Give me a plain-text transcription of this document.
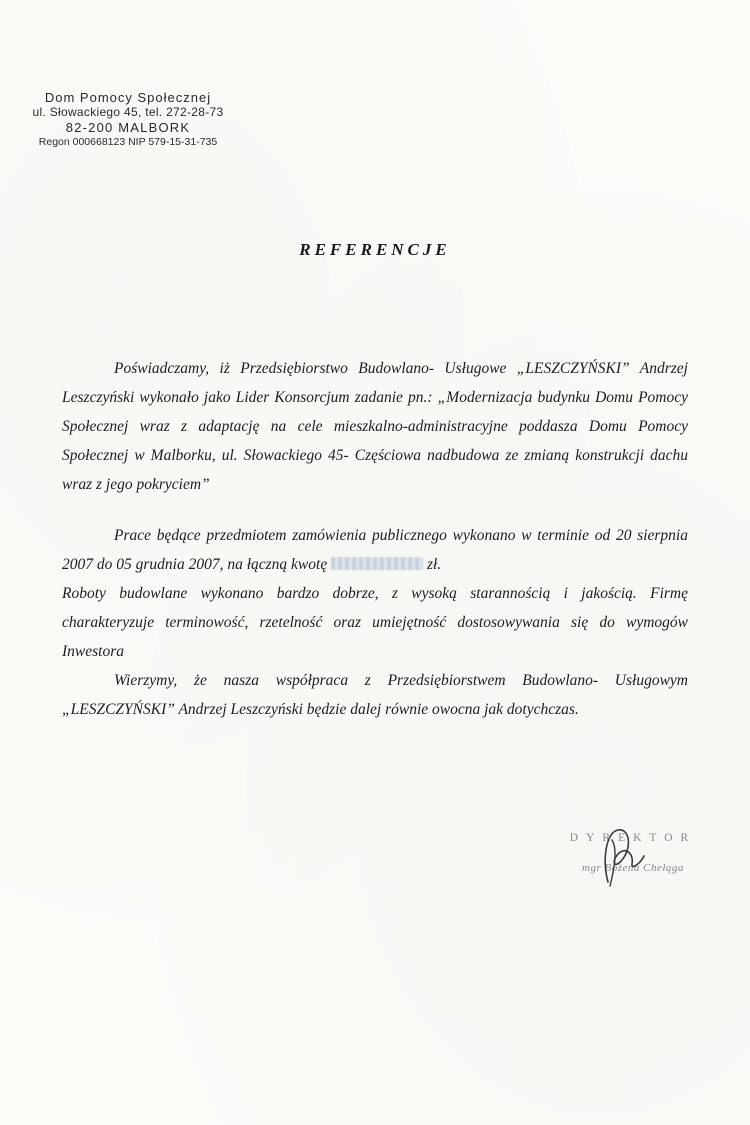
Dom Pomocy Społecznej
ul. Słowackiego 45, tel. 272-28-73
82-200 MALBORK
Regon 000668123 NIP 579-15-31-735
REFERENCJE

Poświadczamy, iż Przedsiębiorstwo Budowlano- Usługowe „LESZCZYŃSKI” Andrzej Leszczyński wykonało jako Lider Konsorcjum zadanie pn.: „Modernizacja budynku Domu Pomocy Społecznej wraz z adaptację na cele mieszkalno-administracyjne poddasza Domu Pomocy Społecznej w Malborku, ul. Słowackiego 45- Częściowa nadbudowa ze zmianą konstrukcji dachu wraz z jego pokryciem”

Prace będące przedmiotem zamówienia publicznego wykonano w terminie od 20 sierpnia 2007 do 05 grudnia 2007, na łączną kwotę	zł.

Roboty budowlane wykonano bardzo dobrze, z wysoką starannością i jakością. Firmę charakteryzuje terminowość, rzetelność oraz umiejętność dostosowywania się do wymogów Inwestora

Wierzymy, że nasza współpraca z Przedsiębiorstwem Budowlano- Usługowym „LESZCZYŃSKI” Andrzej Leszczyński będzie dalej równie owocna jak dotychczas.

DYREKTOR
mgr Bożena Chełąga
